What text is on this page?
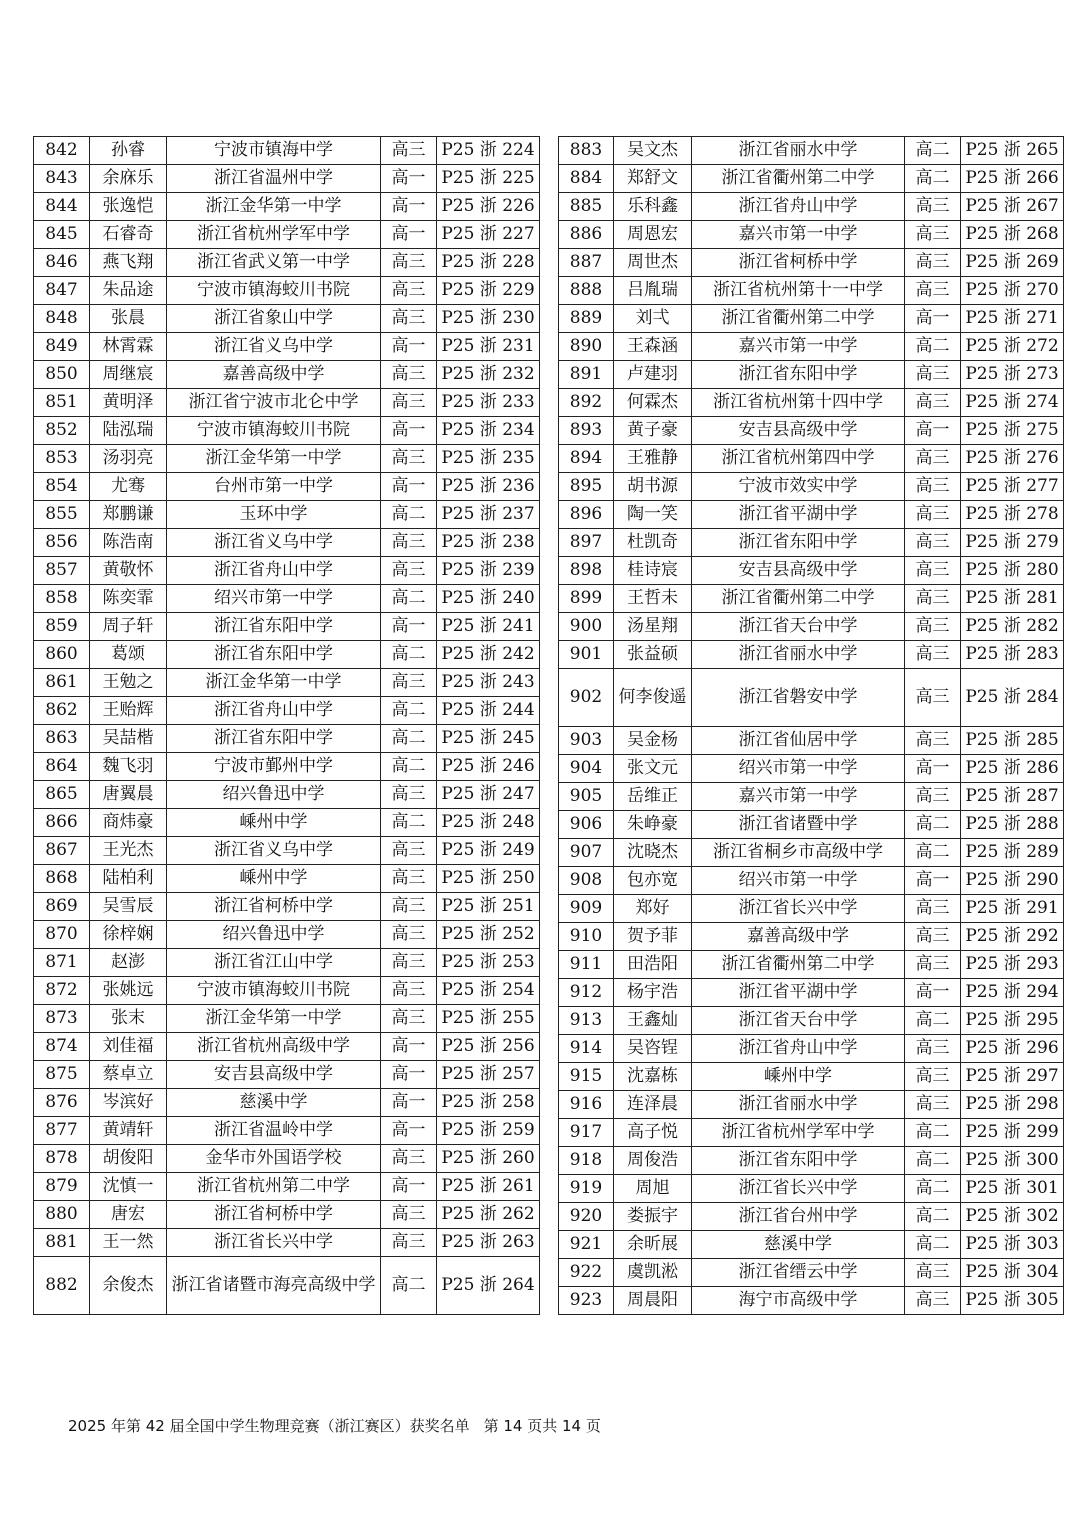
842	孙睿	宁波市镇海中学	高三	P25 浙 224
843	余庥乐	浙江省温州中学	高一	P25 浙 225
844	张逸恺	浙江金华第一中学	高一	P25 浙 226
845	石睿奇	浙江省杭州学军中学	高一	P25 浙 227
846	燕飞翔	浙江省武义第一中学	高三	P25 浙 228
847	朱品途	宁波市镇海蛟川书院	高三	P25 浙 229
848	张晨	浙江省象山中学	高三	P25 浙 230
849	林霄霖	浙江省义乌中学	高一	P25 浙 231
850	周继宸	嘉善高级中学	高三	P25 浙 232
851	黄明泽	浙江省宁波市北仑中学	高三	P25 浙 233
852	陆泓瑞	宁波市镇海蛟川书院	高一	P25 浙 234
853	汤羽亮	浙江金华第一中学	高三	P25 浙 235
854	尤骞	台州市第一中学	高一	P25 浙 236
855	郑鹏谦	玉环中学	高二	P25 浙 237
856	陈浩南	浙江省义乌中学	高三	P25 浙 238
857	黄敬怀	浙江省舟山中学	高三	P25 浙 239
858	陈奕霏	绍兴市第一中学	高二	P25 浙 240
859	周子轩	浙江省东阳中学	高一	P25 浙 241
860	葛颂	浙江省东阳中学	高二	P25 浙 242
861	王勉之	浙江金华第一中学	高三	P25 浙 243
862	王贻辉	浙江省舟山中学	高二	P25 浙 244
863	吴喆楷	浙江省东阳中学	高二	P25 浙 245
864	魏飞羽	宁波市鄞州中学	高二	P25 浙 246
865	唐翼晨	绍兴鲁迅中学	高三	P25 浙 247
866	商炜豪	嵊州中学	高二	P25 浙 248
867	王光杰	浙江省义乌中学	高三	P25 浙 249
868	陆柏利	嵊州中学	高三	P25 浙 250
869	吴雪辰	浙江省柯桥中学	高三	P25 浙 251
870	徐梓娴	绍兴鲁迅中学	高三	P25 浙 252
871	赵澎	浙江省江山中学	高三	P25 浙 253
872	张姚远	宁波市镇海蛟川书院	高三	P25 浙 254
873	张末	浙江金华第一中学	高三	P25 浙 255
874	刘佳福	浙江省杭州高级中学	高一	P25 浙 256
875	蔡卓立	安吉县高级中学	高一	P25 浙 257
876	岑滨好	慈溪中学	高一	P25 浙 258
877	黄靖轩	浙江省温岭中学	高一	P25 浙 259
878	胡俊阳	金华市外国语学校	高三	P25 浙 260
879	沈慎一	浙江省杭州第二中学	高一	P25 浙 261
880	唐宏	浙江省柯桥中学	高三	P25 浙 262
881	王一然	浙江省长兴中学	高三	P25 浙 263
882	余俊杰	浙江省诸暨市海亮高级中学	高二	P25 浙 264
883	吴文杰	浙江省丽水中学	高二	P25 浙 265
884	郑舒文	浙江省衢州第二中学	高二	P25 浙 266
885	乐科鑫	浙江省舟山中学	高三	P25 浙 267
886	周恩宏	嘉兴市第一中学	高三	P25 浙 268
887	周世杰	浙江省柯桥中学	高三	P25 浙 269
888	吕胤瑞	浙江省杭州第十一中学	高三	P25 浙 270
889	刘弌	浙江省衢州第二中学	高一	P25 浙 271
890	王森涵	嘉兴市第一中学	高二	P25 浙 272
891	卢建羽	浙江省东阳中学	高三	P25 浙 273
892	何霖杰	浙江省杭州第十四中学	高三	P25 浙 274
893	黄子豪	安吉县高级中学	高一	P25 浙 275
894	王雅静	浙江省杭州第四中学	高三	P25 浙 276
895	胡书源	宁波市效实中学	高三	P25 浙 277
896	陶一笑	浙江省平湖中学	高三	P25 浙 278
897	杜凯奇	浙江省东阳中学	高三	P25 浙 279
898	桂诗宸	安吉县高级中学	高三	P25 浙 280
899	王哲未	浙江省衢州第二中学	高三	P25 浙 281
900	汤星翔	浙江省天台中学	高三	P25 浙 282
901	张益硕	浙江省丽水中学	高三	P25 浙 283
902	何李俊遥	浙江省磐安中学	高三	P25 浙 284
903	吴金杨	浙江省仙居中学	高三	P25 浙 285
904	张文元	绍兴市第一中学	高一	P25 浙 286
905	岳维正	嘉兴市第一中学	高三	P25 浙 287
906	朱峥豪	浙江省诸暨中学	高二	P25 浙 288
907	沈晓杰	浙江省桐乡市高级中学	高二	P25 浙 289
908	包亦宽	绍兴市第一中学	高一	P25 浙 290
909	郑好	浙江省长兴中学	高三	P25 浙 291
910	贺予菲	嘉善高级中学	高三	P25 浙 292
911	田浩阳	浙江省衢州第二中学	高三	P25 浙 293
912	杨宇浩	浙江省平湖中学	高一	P25 浙 294
913	王鑫灿	浙江省天台中学	高二	P25 浙 295
914	吴咨锃	浙江省舟山中学	高三	P25 浙 296
915	沈嘉栋	嵊州中学	高三	P25 浙 297
916	连泽晨	浙江省丽水中学	高三	P25 浙 298
917	高子悦	浙江省杭州学军中学	高二	P25 浙 299
918	周俊浩	浙江省东阳中学	高二	P25 浙 300
919	周旭	浙江省长兴中学	高二	P25 浙 301
920	娄振宇	浙江省台州中学	高二	P25 浙 302
921	余昕展	慈溪中学	高二	P25 浙 303
922	虞凯淞	浙江省缙云中学	高三	P25 浙 304
923	周晨阳	海宁市高级中学	高三	P25 浙 305
2025 年第 42 届全国中学生物理竞赛（浙江赛区）获奖名单 第 14 页共 14 页
